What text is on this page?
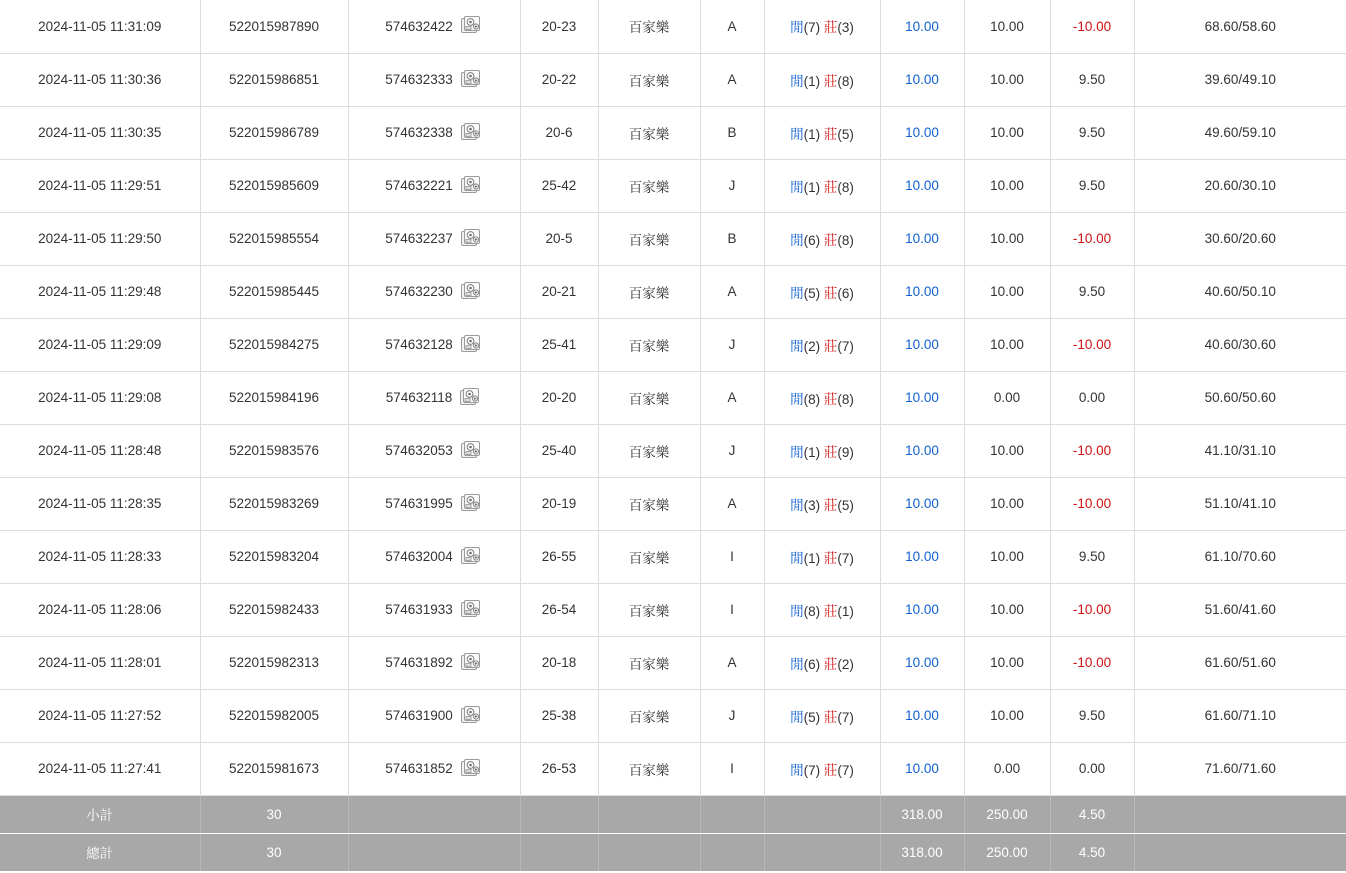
2024-11-05 11:31:09	522015987890	574632422	20-23	百家樂	A	閒(7) 莊(3)	10.00	10.00	-10.00	68.60/58.60
2024-11-05 11:30:36	522015986851	574632333	20-22	百家樂	A	閒(1) 莊(8)	10.00	10.00	9.50	39.60/49.10
2024-11-05 11:30:35	522015986789	574632338	20-6	百家樂	B	閒(1) 莊(5)	10.00	10.00	9.50	49.60/59.10
2024-11-05 11:29:51	522015985609	574632221	25-42	百家樂	J	閒(1) 莊(8)	10.00	10.00	9.50	20.60/30.10
2024-11-05 11:29:50	522015985554	574632237	20-5	百家樂	B	閒(6) 莊(8)	10.00	10.00	-10.00	30.60/20.60
2024-11-05 11:29:48	522015985445	574632230	20-21	百家樂	A	閒(5) 莊(6)	10.00	10.00	9.50	40.60/50.10
2024-11-05 11:29:09	522015984275	574632128	25-41	百家樂	J	閒(2) 莊(7)	10.00	10.00	-10.00	40.60/30.60
2024-11-05 11:29:08	522015984196	574632118	20-20	百家樂	A	閒(8) 莊(8)	10.00	0.00	0.00	50.60/50.60
2024-11-05 11:28:48	522015983576	574632053	25-40	百家樂	J	閒(1) 莊(9)	10.00	10.00	-10.00	41.10/31.10
2024-11-05 11:28:35	522015983269	574631995	20-19	百家樂	A	閒(3) 莊(5)	10.00	10.00	-10.00	51.10/41.10
2024-11-05 11:28:33	522015983204	574632004	26-55	百家樂	I	閒(1) 莊(7)	10.00	10.00	9.50	61.10/70.60
2024-11-05 11:28:06	522015982433	574631933	26-54	百家樂	I	閒(8) 莊(1)	10.00	10.00	-10.00	51.60/41.60
2024-11-05 11:28:01	522015982313	574631892	20-18	百家樂	A	閒(6) 莊(2)	10.00	10.00	-10.00	61.60/51.60
2024-11-05 11:27:52	522015982005	574631900	25-38	百家樂	J	閒(5) 莊(7)	10.00	10.00	9.50	61.60/71.10
2024-11-05 11:27:41	522015981673	574631852	26-53	百家樂	I	閒(7) 莊(7)	10.00	0.00	0.00	71.60/71.60
小計	30						318.00	250.00	4.50	
總計	30						318.00	250.00	4.50	
